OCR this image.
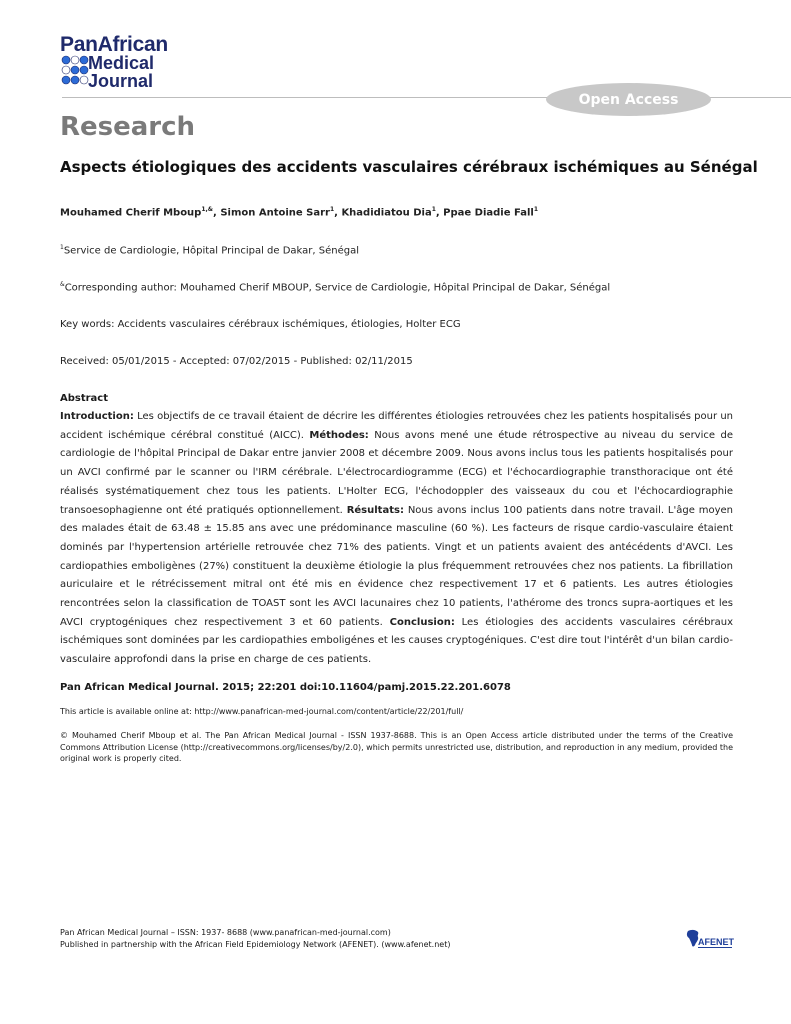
PanAfrican
Medical
Journal
Open Access
Research
Aspects étiologiques des accidents vasculaires cérébraux ischémiques au Sénégal
Mouhamed Cherif Mboup$^{1,\&}$, Simon Antoine Sarr$^1$, Khadidiatou Dia$^1$, Ppae Diadie Fall$^1$
$^1$Service de Cardiologie, Hôpital Principal de Dakar, Sénégal
&Corresponding author: Mouhamed Cherif MBOUP, Service de Cardiologie, Hôpital Principal de Dakar, Sénégal
Key words: Accidents vasculaires cérébraux ischémiques, étiologies, Holter ECG
Received: 05/01/2015 - Accepted: 07/02/2015 - Published: 02/11/2015
Abstract
Introduction: Les objectifs de ce travail étaient de décrire les différentes étiologies retrouvées chez les patients hospitalisés pour un accident ischémique cérébral constitué (AICC). Méthodes: Nous avons mené une étude rétrospective au niveau du service de cardiologie de l'hôpital Principal de Dakar entre janvier 2008 et décembre 2009. Nous avons inclus tous les patients hospitalisés pour un AVCI confirmé par le scanner ou l'IRM cérébrale. L'électrocardiogramme (ECG) et l'échocardiographie transthoracique ont été réalisés systématiquement chez tous les patients. L'Holter ECG, l'échodoppler des vaisseaux du cou et l'échocardiographie transoesophagienne ont été pratiqués optionnellement. Résultats: Nous avons inclus 100 patients dans notre travail. L'âge moyen des malades était de 63.48 ± 15.85 ans avec une prédominance masculine (60 %). Les facteurs de risque cardio-vasculaire étaient dominés par l'hypertension artérielle retrouvée chez 71% des patients. Vingt et un patients avaient des antécédents d'AVCI. Les cardiopathies emboligènes (27%) constituent la deuxième étiologie la plus fréquemment retrouvées chez nos patients. La fibrillation auriculaire et le rétrécissement mitral ont été mis en évidence chez respectivement 17 et 6 patients. Les autres étiologies rencontrées selon la classification de TOAST sont les AVCI lacunaires chez 10 patients, l'athérome des troncs supra-aortiques et les AVCI cryptogéniques chez respectivement 3 et 60 patients. Conclusion: Les étiologies des accidents vasculaires cérébraux ischémiques sont dominées par les cardiopathies emboligénes et les causes cryptogéniques. C'est dire tout l'intérêt d'un bilan cardio-vasculaire approfondi dans la prise en charge de ces patients.
Pan African Medical Journal. 2015; 22:201 doi:10.11604/pamj.2015.22.201.6078
This article is available online at: http://www.panafrican-med-journal.com/content/article/22/201/full/
© Mouhamed Cherif Mboup et al. The Pan African Medical Journal - ISSN 1937-8688. This is an Open Access article distributed under the terms of the Creative Commons Attribution License (http://creativecommons.org/licenses/by/2.0), which permits unrestricted use, distribution, and reproduction in any medium, provided the original work is properly cited.
Pan African Medical Journal – ISSN: 1937- 8688 (www.panafrican-med-journal.com)
Published in partnership with the African Field Epidemiology Network (AFENET). (www.afenet.net)	AFENET
